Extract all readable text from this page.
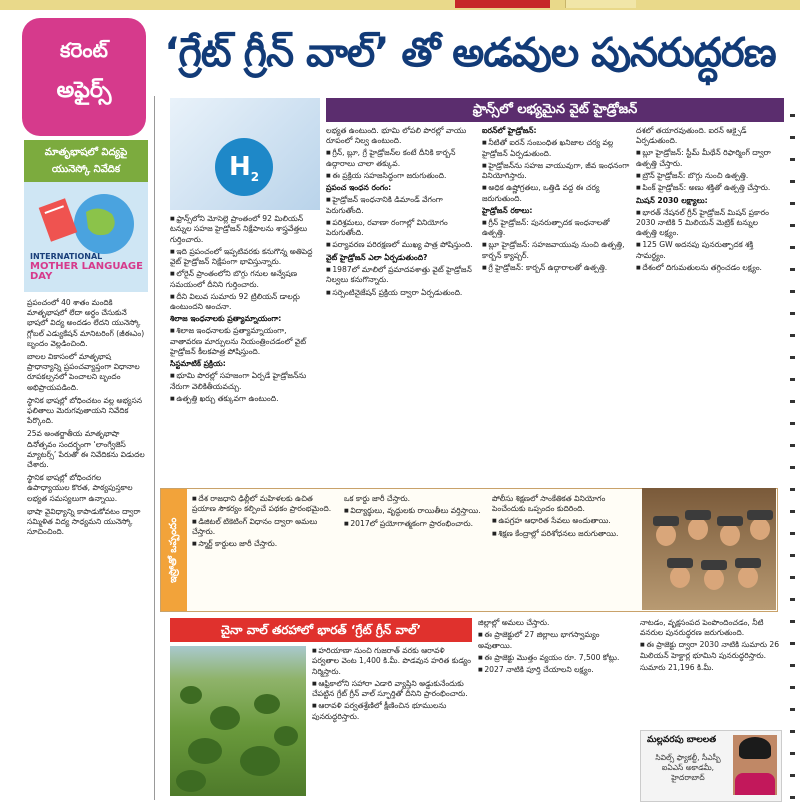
కరెంట్
అఫైర్స్
‘గ్రేట్ గ్రీన్ వాల్’ తో అడవుల పునరుద్ధరణ
మాతృభాషలో విద్యపై
యునెస్కో నివేదిక
INTERNATIONAL
MOTHER LANGUAGE DAY

ప్రపంచంలో 40 శాతం మందికి మాతృభాషలో లేదా అర్థం చేసుకునే భాషలో విద్య అందడం లేదని యునెస్కో గ్లోబల్ ఎడ్యుకేషన్ మానిటరింగ్ (జీఈఎం) బృందం వెల్లడించింది.

బాలల వికాసంలో మాతృభాష ప్రాధాన్యాన్ని ప్రపంచవ్యాప్తంగా విధానాల రూపకల్పనలో పెంచాలని బృందం అభిప్రాయపడింది.

స్థానిక భాషల్లో బోధించటం వల్ల అభ్యసన ఫలితాలు మెరుగవుతాయని నివేదిక పేర్కొంది.

25వ అంతర్జాతీయ మాతృభాషా దినోత్సవం సందర్భంగా ‘లాంగ్వేజెస్ మ్యాటర్స్’ పేరుతో ఈ నివేదికను విడుదల చేశారు.

స్థానిక భాషల్లో బోధించగల ఉపాధ్యాయుల కొరత, పాఠ్యపుస్తకాల లభ్యత సమస్యలుగా ఉన్నాయి.

భాషా వైవిధ్యాన్ని కాపాడుకోవటం ద్వారా సమ్మిళిత విద్య సాధ్యమని యునెస్కో సూచించింది.

$H_2$
ఫ్రాన్స్‌లో లభ్యమైన వైట్ హైడ్రోజన్

■ ఫ్రాన్స్‌లోని మోసెల్లె ప్రాంతంలో 92 మిలియన్ టన్నుల సహజ హైడ్రోజన్ నిక్షేపాలను శాస్త్రవేత్తలు గుర్తించారు.

■ ఇది ప్రపంచంలో ఇప్పటివరకు కనుగొన్న అతిపెద్ద వైట్ హైడ్రోజన్ నిక్షేపంగా భావిస్తున్నారు.

■ లోరైన్ ప్రాంతంలోని బొగ్గు గనుల అన్వేషణ సమయంలో దీనిని గుర్తించారు.

■ దీని విలువ సుమారు 92 ట్రిలియన్ డాలర్లు ఉంటుందని అంచనా.

శిలాజ ఇంధనాలకు ప్రత్యామ్నాయంగా:

■ శిలాజ ఇంధనాలకు ప్రత్యామ్నాయంగా, వాతావరణ మార్పులను నియంత్రించడంలో వైట్ హైడ్రోజన్ కీలకపాత్ర పోషిస్తుంది.

సిస్టమాటిక్ ప్రక్రియ:

■ భూమి పొరల్లో సహజంగా ఏర్పడే హైడ్రోజన్‌ను నేరుగా వెలికితీయవచ్చు.

■ ఉత్పత్తి ఖర్చు తక్కువగా ఉంటుంది.

లభ్యత ఉంటుంది. భూమి లోపలి పొరల్లో వాయు రూపంలో నిల్వ ఉంటుంది.

■ గ్రీన్, బ్లూ, గ్రే హైడ్రోజన్‌ల కంటే దీనికి కార్బన్ ఉద్గారాలు చాలా తక్కువ.

■ ఈ ప్రక్రియ సహజసిద్ధంగా జరుగుతుంది.

ప్రపంచ ఇంధన రంగం:

■ హైడ్రోజన్ ఇంధనానికి డిమాండ్ వేగంగా పెరుగుతోంది.

■ పరిశ్రమలు, రవాణా రంగాల్లో వినియోగం పెరుగుతోంది.

■ పర్యావరణ పరిరక్షణలో ముఖ్య పాత్ర పోషిస్తుంది.

వైట్ హైడ్రోజన్ ఎలా ఏర్పడుతుంది?

■ 1987లో మాలిలో ప్రమాదవశాత్తు వైట్ హైడ్రోజన్ నిల్వలు కనుగొన్నారు.

■ సర్పెంటినైజేషన్ ప్రక్రియ ద్వారా ఏర్పడుతుంది.

ఐరన్‌లో హైడ్రోజన్:

■ నీటితో ఐరన్ సంబంధిత ఖనిజాల చర్య వల్ల హైడ్రోజన్ ఏర్పడుతుంది.

■ హైడ్రోజన్‌ను సహజ వాయువుగా, జీవ ఇంధనంగా వినియోగిస్తారు.

■ అధిక ఉష్ణోగ్రతలు, ఒత్తిడి వద్ద ఈ చర్య జరుగుతుంది.

హైడ్రోజన్ రకాలు:

■ గ్రీన్ హైడ్రోజన్: పునరుత్పాదక ఇంధనాలతో ఉత్పత్తి.

■ బ్లూ హైడ్రోజన్: సహజవాయువు నుంచి ఉత్పత్తి, కార్బన్ క్యాప్చర్.

■ గ్రే హైడ్రోజన్: కార్బన్ ఉద్గారాలతో ఉత్పత్తి.

దశలో తయారవుతుంది. ఐరన్ ఆక్సైడ్ ఏర్పడుతుంది.

■ బ్లూ హైడ్రోజన్: స్టీమ్ మీథేన్ రిఫార్మింగ్ ద్వారా ఉత్పత్తి చేస్తారు.

■ బ్రౌన్ హైడ్రోజన్: బొగ్గు నుంచి ఉత్పత్తి.

■ పింక్ హైడ్రోజన్: అణు శక్తితో ఉత్పత్తి చేస్తారు.

మిషన్ 2030 లక్ష్యాలు:

■ భారత్ నేషనల్ గ్రీన్ హైడ్రోజన్ మిషన్ ప్రకారం 2030 నాటికి 5 మిలియన్ మెట్రిక్ టన్నుల ఉత్పత్తి లక్ష్యం.

■ 125 GW అదనపు పునరుత్పాదక శక్తి సామర్థ్యం.

■ దేశంలో దిగుమతులను తగ్గించడం లక్ష్యం.

ఇస్రోతో ఒప్పందం

■ దేశ రాజధాని ఢిల్లీలో మహిళలకు ఉచిత ప్రయాణ సౌకర్యం కల్పించే పథకం ప్రారంభమైంది.

■ డిజిటల్ టికెటింగ్ విధానం ద్వారా అమలు చేస్తారు.

■ స్మార్ట్ కార్డులు జారీ చేస్తారు.

ఒక కార్డు జారీ చేస్తారు.

■ విద్యార్థులు, వృద్ధులకు రాయితీలు వర్తిస్తాయి.

■ 2017లో ప్రయోగాత్మకంగా ప్రారంభించారు.

పోలీసు శిక్షణలో సాంకేతికత వినియోగం పెంచేందుకు ఒప్పందం కుదిరింది.

■ ఉపగ్రహ ఆధారిత సేవలు అందుతాయి.

■ శిక్షణ కేంద్రాల్లో పరిశోధనలు జరుగుతాయి.

చైనా వాల్ తరహాలో భారత్ ‘గ్రేట్ గ్రీన్ వాల్’

■ హరియాణా నుంచి గుజరాత్ వరకు ఆరావళి పర్వతాల వెంట 1,400 కి.మీ. పొడవున హరిత కుడ్యం నిర్మిస్తారు.

■ ఆఫ్రికాలోని సహారా ఎడారి వ్యాప్తిని అడ్డుకునేందుకు చేపట్టిన గ్రేట్ గ్రీన్ వాల్ స్ఫూర్తితో దీనిని ప్రారంభించారు.

■ ఆరావళి పర్వతశ్రేణిలో క్షీణించిన భూములను పునరుద్ధరిస్తారు.

జిల్లాల్లో అమలు చేస్తారు.

■ ఈ ప్రాజెక్టులో 27 జిల్లాలు భాగస్వామ్యం అవుతాయి.

■ ఈ ప్రాజెక్టు మొత్తం వ్యయం రూ. 7,500 కోట్లు.

■ 2027 నాటికి పూర్తి చేయాలని లక్ష్యం.

నాటడం, వృక్షసంపద పెంపొందించడం, నీటి వనరుల పునరుద్ధరణ జరుగుతుంది.

■ ఈ ప్రాజెక్టు ద్వారా 2030 నాటికి సుమారు 26 మిలియన్ హెక్టార్ల భూమిని పునరుద్ధరిస్తారు.

సుమారు 21,196 కి.మీ.

మల్లవరపు బాలలత
సివిల్స్ ఫ్యాకల్టీ, సీఎస్బీ ఐఏఎస్ అకాడమీ, హైదరాబాద్
